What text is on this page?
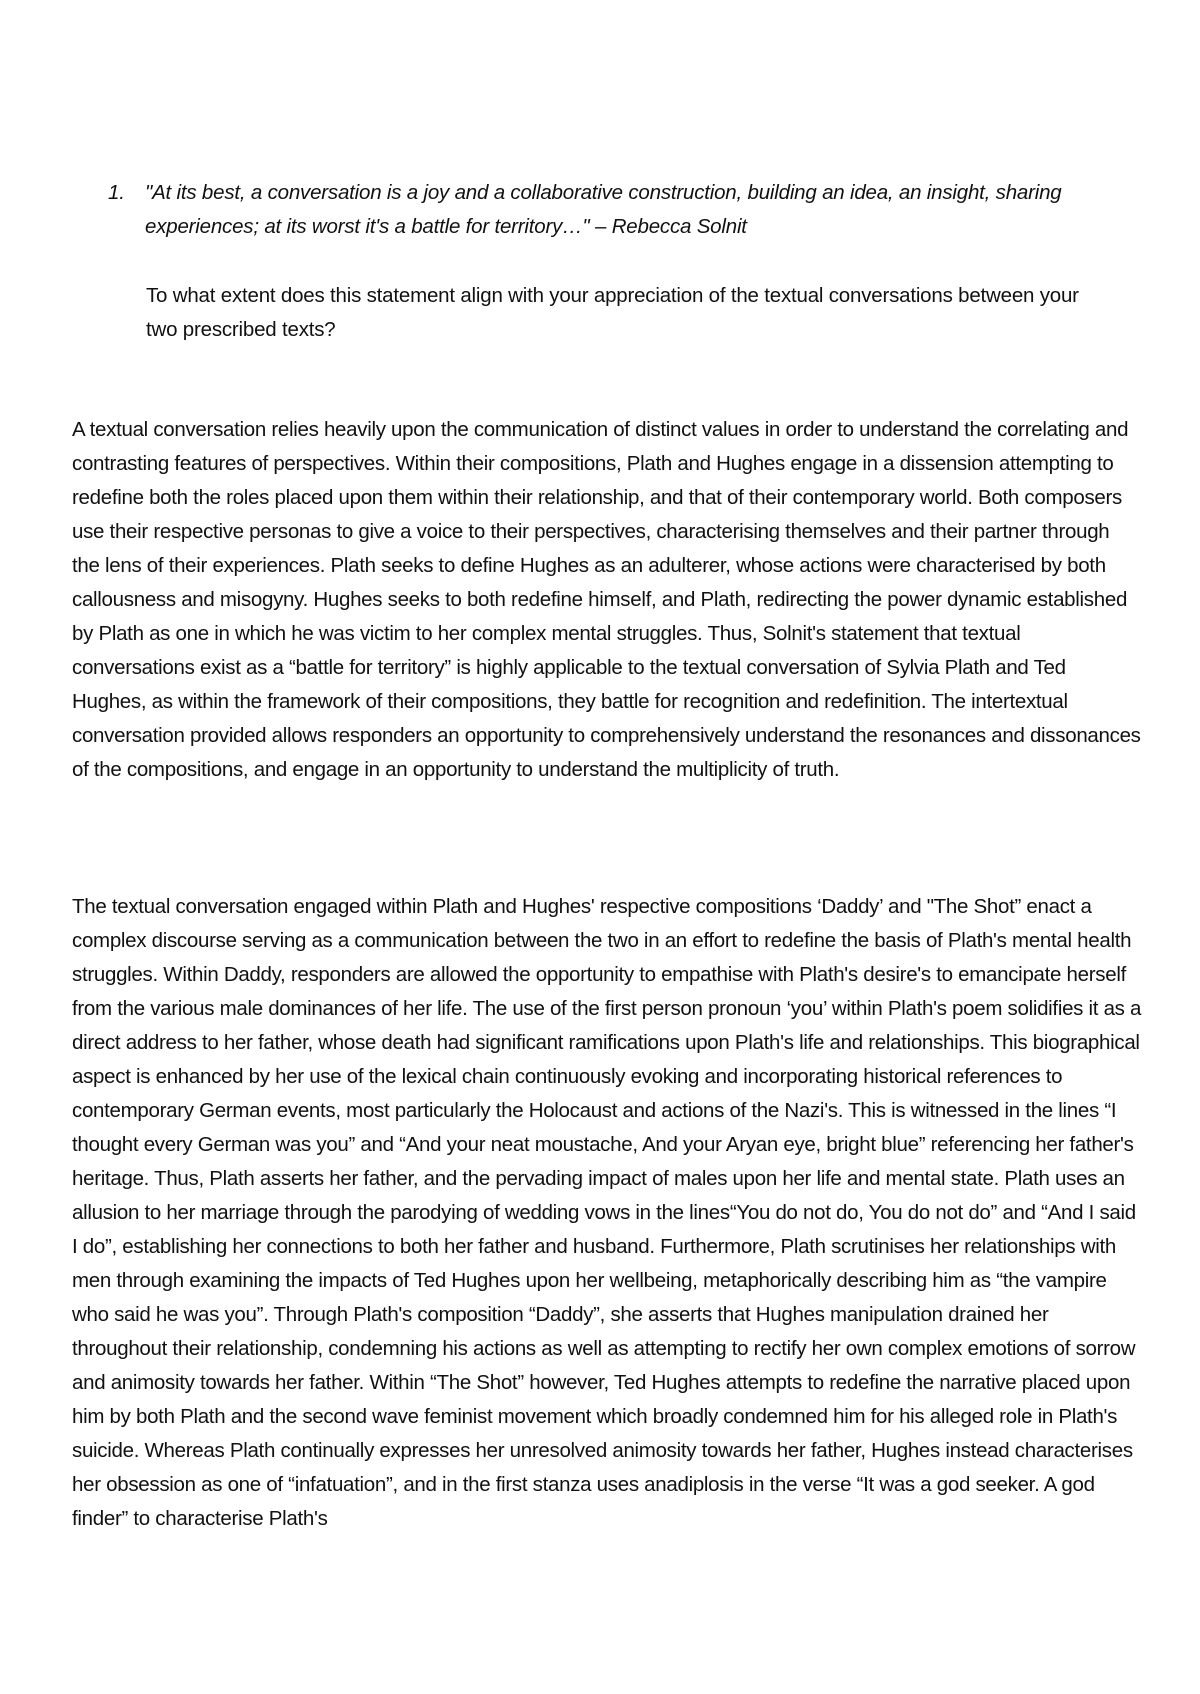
1. "At its best, a conversation is a joy and a collaborative construction, building an idea, an insight, sharing experiences; at its worst it's a battle for territory…" – Rebecca Solnit
To what extent does this statement align with your appreciation of the textual conversations between your two prescribed texts?

A textual conversation relies heavily upon the communication of distinct values in order to understand the correlating and contrasting features of perspectives. Within their compositions, Plath and Hughes engage in a dissension attempting to redefine both the roles placed upon them within their relationship, and that of their contemporary world. Both composers use their respective personas to give a voice to their perspectives, characterising themselves and their partner through the lens of their experiences. Plath seeks to define Hughes as an adulterer, whose actions were characterised by both callousness and misogyny. Hughes seeks to both redefine himself, and Plath, redirecting the power dynamic established by Plath as one in which he was victim to her complex mental struggles. Thus, Solnit's statement that textual conversations exist as a “battle for territory” is highly applicable to the textual conversation of Sylvia Plath and Ted Hughes, as within the framework of their compositions, they battle for recognition and redefinition. The intertextual conversation provided allows responders an opportunity to comprehensively understand the resonances and dissonances of the compositions, and engage in an opportunity to understand the multiplicity of truth.

The textual conversation engaged within Plath and Hughes' respective compositions ‘Daddy’ and "The Shot” enact a complex discourse serving as a communication between the two in an effort to redefine the basis of Plath's mental health struggles. Within Daddy, responders are allowed the opportunity to empathise with Plath's desire's to emancipate herself from the various male dominances of her life. The use of the first person pronoun ‘you’ within Plath's poem solidifies it as a direct address to her father, whose death had significant ramifications upon Plath's life and relationships. This biographical aspect is enhanced by her use of the lexical chain continuously evoking and incorporating historical references to contemporary German events, most particularly the Holocaust and actions of the Nazi's. This is witnessed in the lines “I thought every German was you” and “And your neat moustache, And your Aryan eye, bright blue” referencing her father's heritage. Thus, Plath asserts her father, and the pervading impact of males upon her life and mental state. Plath uses an allusion to her marriage through the parodying of wedding vows in the lines“You do not do, You do not do” and “And I said I do”, establishing her connections to both her father and husband. Furthermore, Plath scrutinises her relationships with men through examining the impacts of Ted Hughes upon her wellbeing, metaphorically describing him as “the vampire who said he was you”. Through Plath's composition “Daddy”, she asserts that Hughes manipulation drained her throughout their relationship, condemning his actions as well as attempting to rectify her own complex emotions of sorrow and animosity towards her father. Within “The Shot” however, Ted Hughes attempts to redefine the narrative placed upon him by both Plath and the second wave feminist movement which broadly condemned him for his alleged role in Plath's suicide. Whereas Plath continually expresses her unresolved animosity towards her father, Hughes instead characterises her obsession as one of “infatuation”, and in the first stanza uses anadiplosis in the verse “It was a god seeker. A god finder” to characterise Plath's
